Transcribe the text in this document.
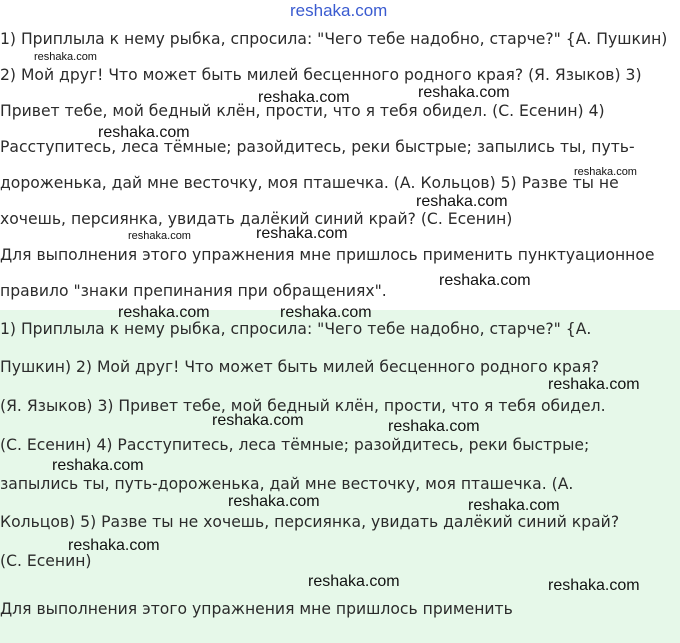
reshaka.com
1) Приплыла к нему рыбка, спросила: "Чего тебе надобно, старче?" {А. Пушкин)
2) Мой друг! Что может быть милей бесценного родного края? (Я. Языков) 3)
Привет тебе, мой бедный клён, прости, что я тебя обидел. (С. Есенин) 4)
Расступитесь, леса тёмные; разойдитесь, реки быстрые; запылись ты, путь-
дороженька, дай мне весточку, моя пташечка. (А. Кольцов) 5) Разве ты не
хочешь, персиянка, увидать далёкий синий край? (С. Есенин)
Для выполнения этого упражнения мне пришлось применить пунктуационное
правило "знаки препинания при обращениях".
1) Приплыла к нему рыбка, спросила: "Чего тебе надобно, старче?" {А.
Пушкин) 2) Мой друг! Что может быть милей бесценного родного края?
(Я. Языков) 3) Привет тебе, мой бедный клён, прости, что я тебя обидел.
(С. Есенин) 4) Расступитесь, леса тёмные; разойдитесь, реки быстрые;
запылись ты, путь-дороженька, дай мне весточку, моя пташечка. (А.
Кольцов) 5) Разве ты не хочешь, персиянка, увидать далёкий синий край?
(С. Есенин)
Для выполнения этого упражнения мне пришлось применить
reshaka.com
reshaka.com	reshaka.com
reshaka.com
reshaka.com
reshaka.com
reshaka.com	reshaka.com
reshaka.com
reshaka.com	reshaka.com
reshaka.com
reshaka.com	reshaka.com
reshaka.com
reshaka.com	reshaka.com
reshaka.com
reshaka.com	reshaka.com
